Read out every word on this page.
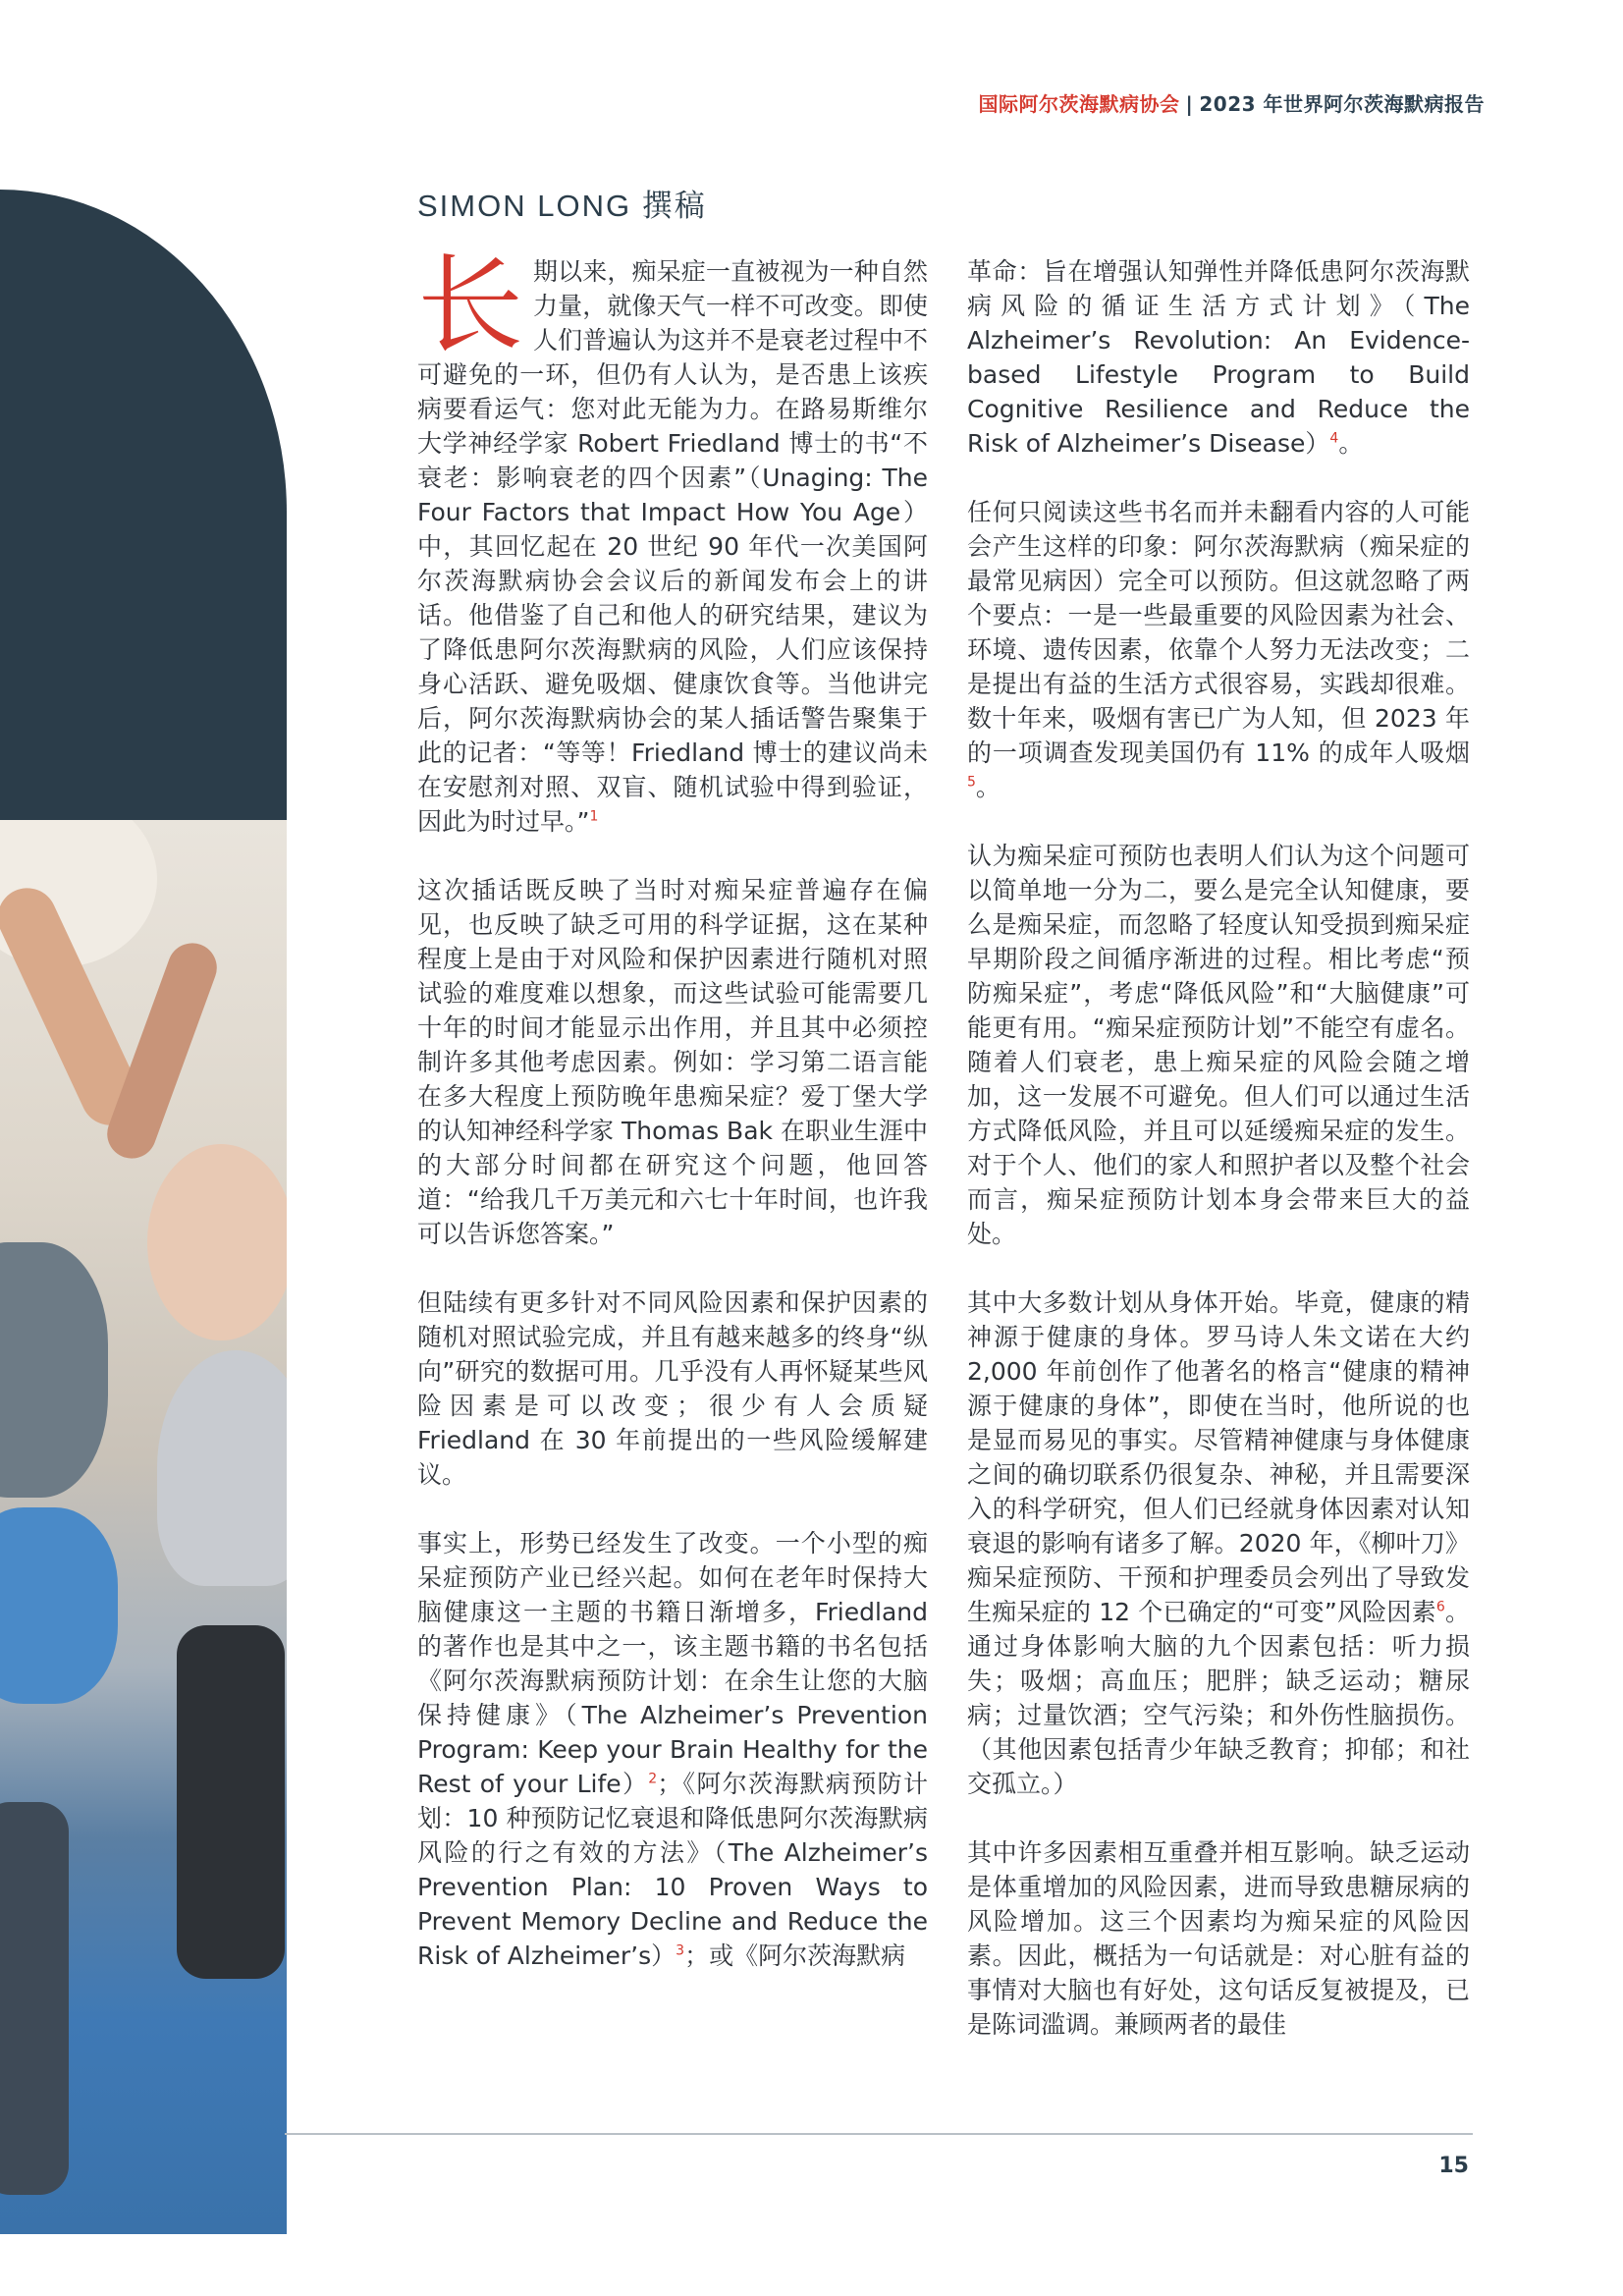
国际阿尔茨海默病协会 | 2023 年世界阿尔茨海默病报告
SIMON LONG 撰稿

长期以来，痴呆症一直被视为一种自然力量，就像天气一样不可改变。即使人们普遍认为这并不是衰老过程中不可避免的一环，但仍有人认为，是否患上该疾病要看运气：您对此无能为力。在路易斯维尔大学神经学家 Robert Friedland 博士的书“不衰老：影响衰老的四个因素”（Unaging: The Four Factors that Impact How You Age）中，其回忆起在 20 世纪 90 年代一次美国阿尔茨海默病协会会议后的新闻发布会上的讲话。他借鉴了自己和他人的研究结果，建议为了降低患阿尔茨海默病的风险，人们应该保持身心活跃、避免吸烟、健康饮食等。当他讲完后，阿尔茨海默病协会的某人插话警告聚集于此的记者：“等等！Friedland 博士的建议尚未在安慰剂对照、双盲、随机试验中得到验证，因此为时过早。”$^1$

这次插话既反映了当时对痴呆症普遍存在偏见，也反映了缺乏可用的科学证据，这在某种程度上是由于对风险和保护因素进行随机对照试验的难度难以想象，而这些试验可能需要几十年的时间才能显示出作用，并且其中必须控制许多其他考虑因素。例如：学习第二语言能在多大程度上预防晚年患痴呆症？爱丁堡大学的认知神经科学家 Thomas Bak 在职业生涯中的大部分时间都在研究这个问题，他回答道：“给我几千万美元和六七十年时间，也许我可以告诉您答案。”

但陆续有更多针对不同风险因素和保护因素的随机对照试验完成，并且有越来越多的终身“纵向”研究的数据可用。几乎没有人再怀疑某些风险因素是可以改变；很少有人会质疑 Friedland 在 30 年前提出的一些风险缓解建议。

事实上，形势已经发生了改变。一个小型的痴呆症预防产业已经兴起。如何在老年时保持大脑健康这一主题的书籍日渐增多，Friedland 的著作也是其中之一，该主题书籍的书名包括《阿尔茨海默病预防计划：在余生让您的大脑保持健康》（The Alzheimer’s Prevention Program: Keep your Brain Healthy for the Rest of your Life）$^2$；《阿尔茨海默病预防计划：10 种预防记忆衰退和降低患阿尔茨海默病风险的行之有效的方法》（The Alzheimer’s Prevention Plan: 10 Proven Ways to Prevent Memory Decline and Reduce the Risk of Alzheimer’s）$^3$；或《阿尔茨海默病

革命：旨在增强认知弹性并降低患阿尔茨海默病风险的循证生活方式计划》（The Alzheimer’s Revolution: An Evidence-based Lifestyle Program to Build Cognitive Resilience and Reduce the Risk of Alzheimer’s Disease）$^4$。

任何只阅读这些书名而并未翻看内容的人可能会产生这样的印象：阿尔茨海默病（痴呆症的最常见病因）完全可以预防。但这就忽略了两个要点：一是一些最重要的风险因素为社会、环境、遗传因素，依靠个人努力无法改变；二是提出有益的生活方式很容易，实践却很难。数十年来，吸烟有害已广为人知，但 2023 年的一项调查发现美国仍有 11% 的成年人吸烟$^5$。

认为痴呆症可预防也表明人们认为这个问题可以简单地一分为二，要么是完全认知健康，要么是痴呆症，而忽略了轻度认知受损到痴呆症早期阶段之间循序渐进的过程。相比考虑“预防痴呆症”，考虑“降低风险”和“大脑健康”可能更有用。“痴呆症预防计划”不能空有虚名。随着人们衰老，患上痴呆症的风险会随之增加，这一发展不可避免。但人们可以通过生活方式降低风险，并且可以延缓痴呆症的发生。对于个人、他们的家人和照护者以及整个社会而言，痴呆症预防计划本身会带来巨大的益处。

其中大多数计划从身体开始。毕竟，健康的精神源于健康的身体。罗马诗人朱文诺在大约 2,000 年前创作了他著名的格言“健康的精神源于健康的身体”，即使在当时，他所说的也是显而易见的事实。尽管精神健康与身体健康之间的确切联系仍很复杂、神秘，并且需要深入的科学研究，但人们已经就身体因素对认知衰退的影响有诸多了解。2020 年，《柳叶刀》痴呆症预防、干预和护理委员会列出了导致发生痴呆症的 12 个已确定的“可变”风险因素$^6$。通过身体影响大脑的九个因素包括：听力损失；吸烟；高血压；肥胖；缺乏运动；糖尿病；过量饮酒；空气污染；和外伤性脑损伤。（其他因素包括青少年缺乏教育；抑郁；和社交孤立。）

其中许多因素相互重叠并相互影响。缺乏运动是体重增加的风险因素，进而导致患糖尿病的风险增加。这三个因素均为痴呆症的风险因素。因此，概括为一句话就是：对心脏有益的事情对大脑也有好处，这句话反复被提及，已是陈词滥调。兼顾两者的最佳

15
